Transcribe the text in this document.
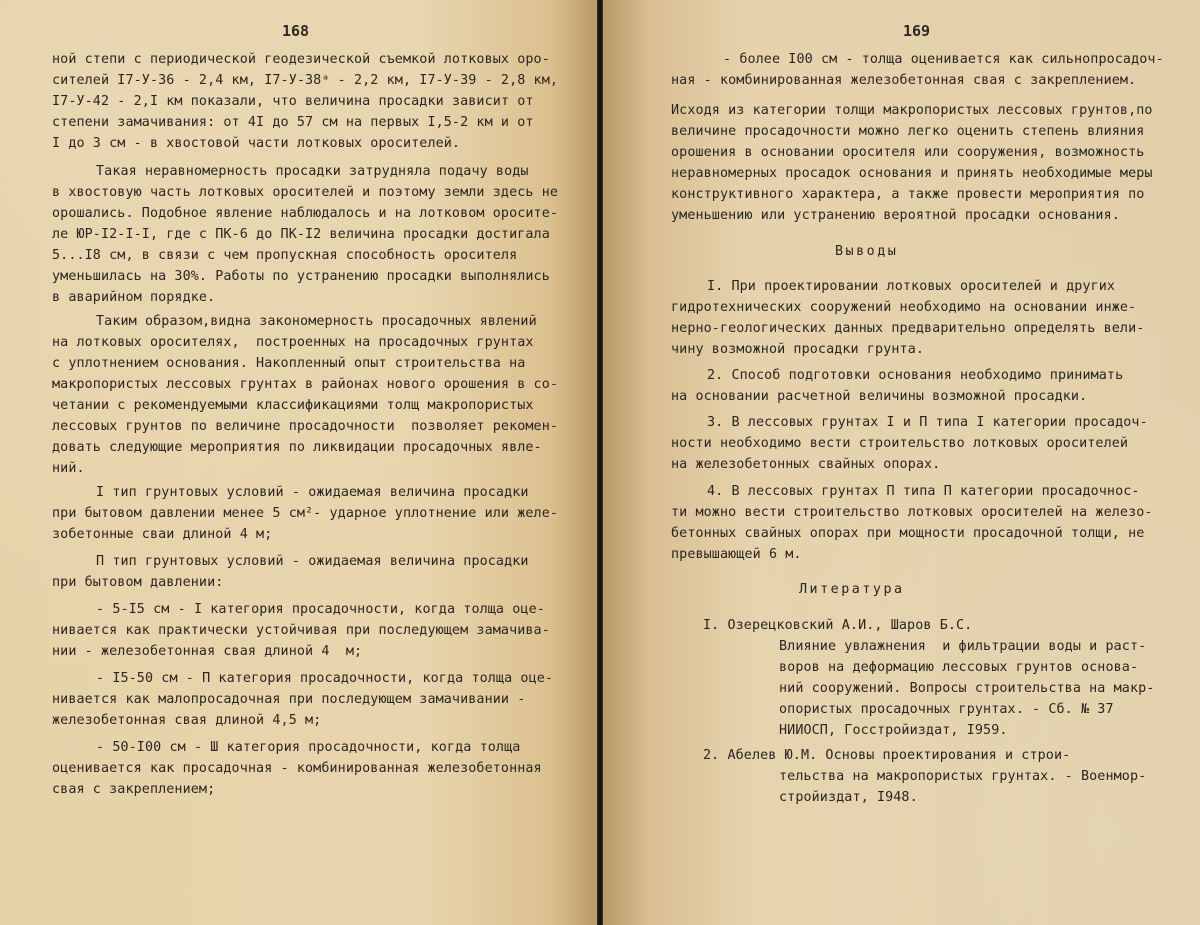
168
ной степи с периодической геодезической съемкой лотковых оро-
сителей I7-У-36 - 2,4 км, I7-У-38ᵃ - 2,2 км, I7-У-39 - 2,8 км,
I7-У-42 - 2,I км показали, что величина просадки зависит от
степени замачивания: от 4I до 57 см на первых I,5-2 км и от
I до 3 см - в хвостовой части лотковых оросителей.
Такая неравномерность просадки затрудняла подачу воды
в хвостовую часть лотковых оросителей и поэтому земли здесь не
орошались. Подобное явление наблюдалось и на лотковом оросите-
ле ЮР-I2-I-I, где с ПК-6 до ПК-I2 величина просадки достигала
5...I8 см, в связи с чем пропускная способность оросителя
уменьшилась на 30%. Работы по устранению просадки выполнялись
в аварийном порядке.
Таким образом,видна закономерность просадочных явлений
на лотковых оросителях,  построенных на просадочных грунтах
с уплотнением основания. Накопленный опыт строительства на
макропористых лессовых грунтах в районах нового орошения в со-
четании с рекомендуемыми классификациями толщ макропористых
лессовых грунтов по величине просадочности  позволяет рекомен-
довать следующие мероприятия по ликвидации просадочных явле-
ний.
I тип грунтовых условий - ожидаемая величина просадки
при бытовом давлении менее 5 см²- ударное уплотнение или желе-
зобетонные сваи длиной 4 м;
П тип грунтовых условий - ожидаемая величина просадки
при бытовом давлении:
- 5-I5 см - I категория просадочности, когда толща оце-
нивается как практически устойчивая при последующем замачива-
нии - железобетонная свая длиной 4  м;
- I5-50 см - П категория просадочности, когда толща оце-
нивается как малопросадочная при последующем замачивании -
железобетонная свая длиной 4,5 м;
- 50-I00 см - Ш категория просадочности, когда толща
оценивается как просадочная - комбинированная железобетонная
свая с закреплением;
169
- более I00 см - толща оценивается как сильнопросадоч-
ная - комбинированная железобетонная свая с закреплением.
Исходя из категории толщи макропористых лессовых грунтов,по
величине просадочности можно легко оценить степень влияния
орошения в основании оросителя или сооружения, возможность
неравномерных просадок основания и принять необходимые меры
конструктивного характера, а также провести мероприятия по
уменьшению или устранению вероятной просадки основания.
Выводы
I. При проектировании лотковых оросителей и других
гидротехнических сооружений необходимо на основании инже-
нерно-геологических данных предварительно определять вели-
чину возможной просадки грунта.
2. Способ подготовки основания необходимо принимать
на основании расчетной величины возможной просадки.
3. В лессовых грунтах I и П типа I категории просадоч-
ности необходимо вести строительство лотковых оросителей
на железобетонных свайных опорах.
4. В лессовых грунтах П типа П категории просадочнос-
ти можно вести строительство лотковых оросителей на железо-
бетонных свайных опорах при мощности просадочной толщи, не
превышающей 6 м.
Литература
I. Озерецковский А.И., Шаров Б.С.
Влияние увлажнения  и фильтрации воды и раст-
воров на деформацию лессовых грунтов основа-
ний сооружений. Вопросы строительства на макр-
опористых просадочных грунтах. - Сб. № 37
НИИОСП, Госстройиздат, I959.
2. Абелев Ю.М. Основы проектирования и строи-
тельства на макропористых грунтах. - Военмор-
стройиздат, I948.
